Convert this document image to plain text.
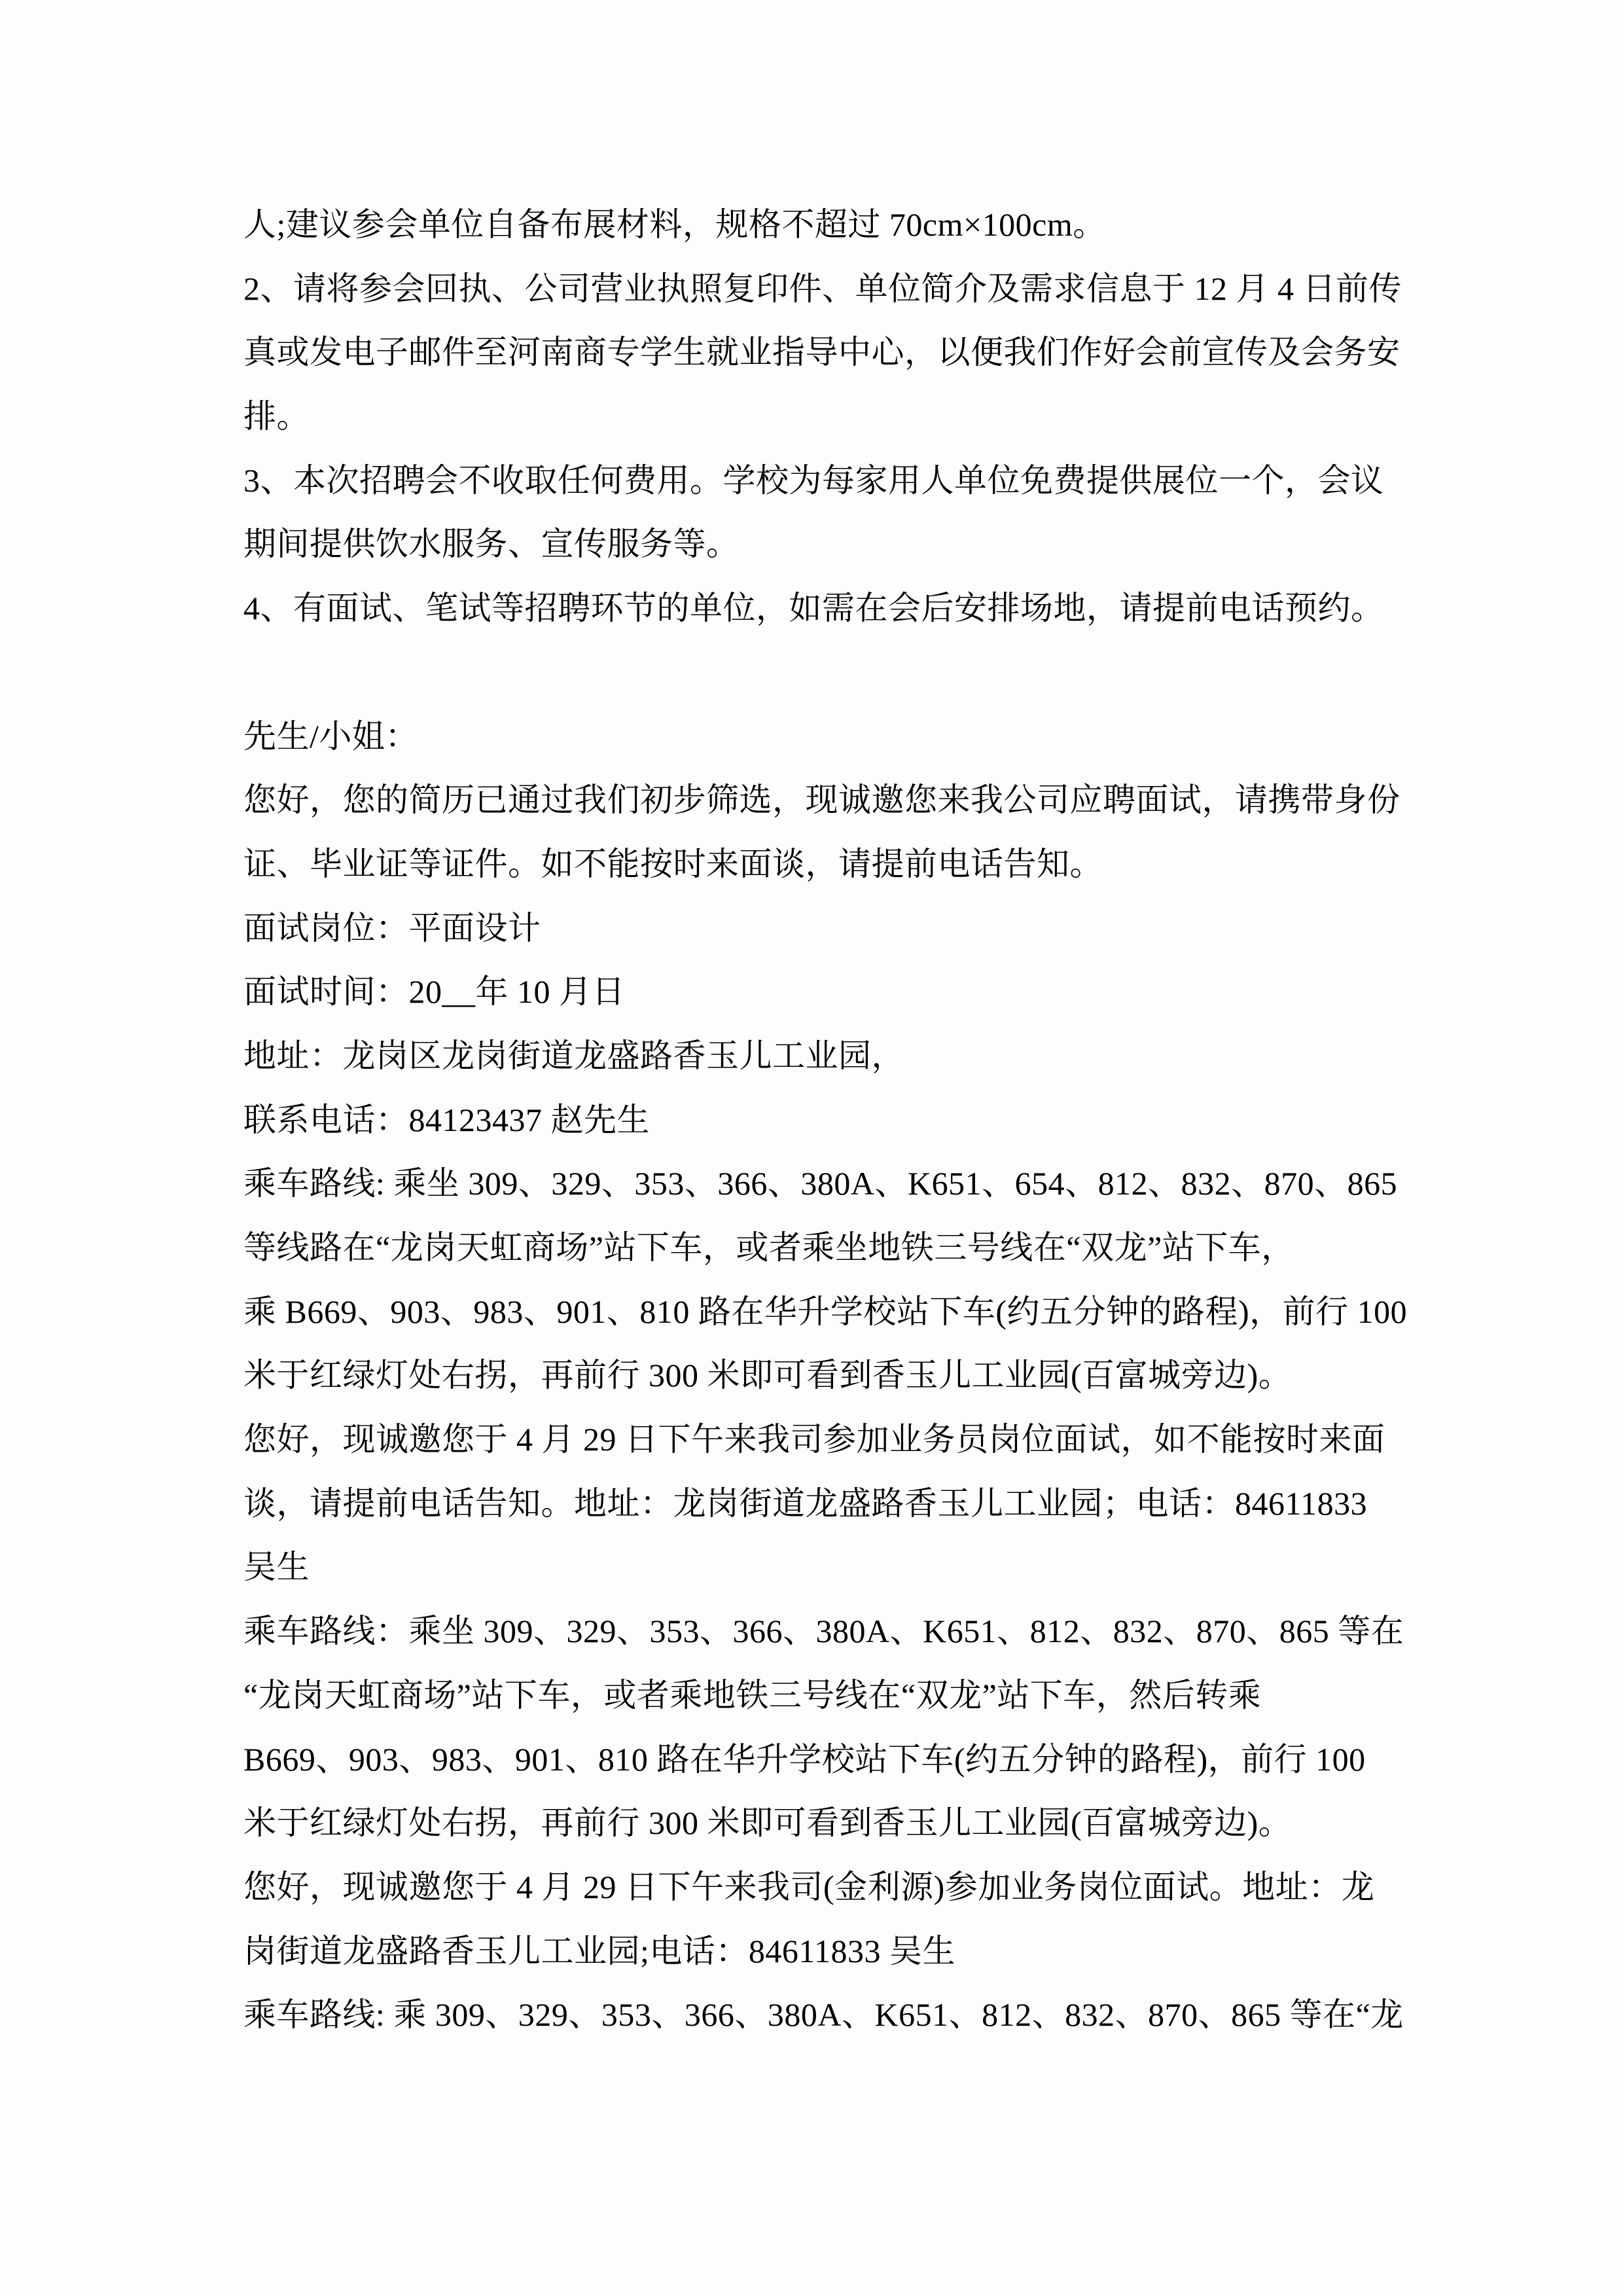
人;建议参会单位自备布展材料，规格不超过 70cm×100cm。
2、请将参会回执、公司营业执照复印件、单位简介及需求信息于 12 月 4 日前传
真或发电子邮件至河南商专学生就业指导中心，以便我们作好会前宣传及会务安
排。
3、本次招聘会不收取任何费用。学校为每家用人单位免费提供展位一个，会议
期间提供饮水服务、宣传服务等。
4、有面试、笔试等招聘环节的单位，如需在会后安排场地，请提前电话预约。
先生/小姐：
您好，您的简历已通过我们初步筛选，现诚邀您来我公司应聘面试，请携带身份
证、毕业证等证件。如不能按时来面谈，请提前电话告知。
面试岗位：平面设计
面试时间：20__年 10 月日
地址：龙岗区龙岗街道龙盛路香玉儿工业园，
联系电话：84123437 赵先生
乘车路线: 乘坐 309、329、353、366、380A、K651、654、812、832、870、865
等线路在“龙岗天虹商场”站下车，或者乘坐地铁三号线在“双龙”站下车，
乘 B669、903、983、901、810 路在华升学校站下车(约五分钟的路程)，前行 100
米于红绿灯处右拐，再前行 300 米即可看到香玉儿工业园(百富城旁边)。
您好，现诚邀您于 4 月 29 日下午来我司参加业务员岗位面试，如不能按时来面
谈，请提前电话告知。地址：龙岗街道龙盛路香玉儿工业园；电话：84611833
吴生
乘车路线：乘坐 309、329、353、366、380A、K651、812、832、870、865 等在
“龙岗天虹商场”站下车，或者乘地铁三号线在“双龙”站下车，然后转乘
B669、903、983、901、810 路在华升学校站下车(约五分钟的路程)，前行 100
米于红绿灯处右拐，再前行 300 米即可看到香玉儿工业园(百富城旁边)。
您好，现诚邀您于 4 月 29 日下午来我司(金利源)参加业务岗位面试。地址：龙
岗街道龙盛路香玉儿工业园;电话：84611833 吴生
乘车路线: 乘 309、329、353、366、380A、K651、812、832、870、865 等在“龙
